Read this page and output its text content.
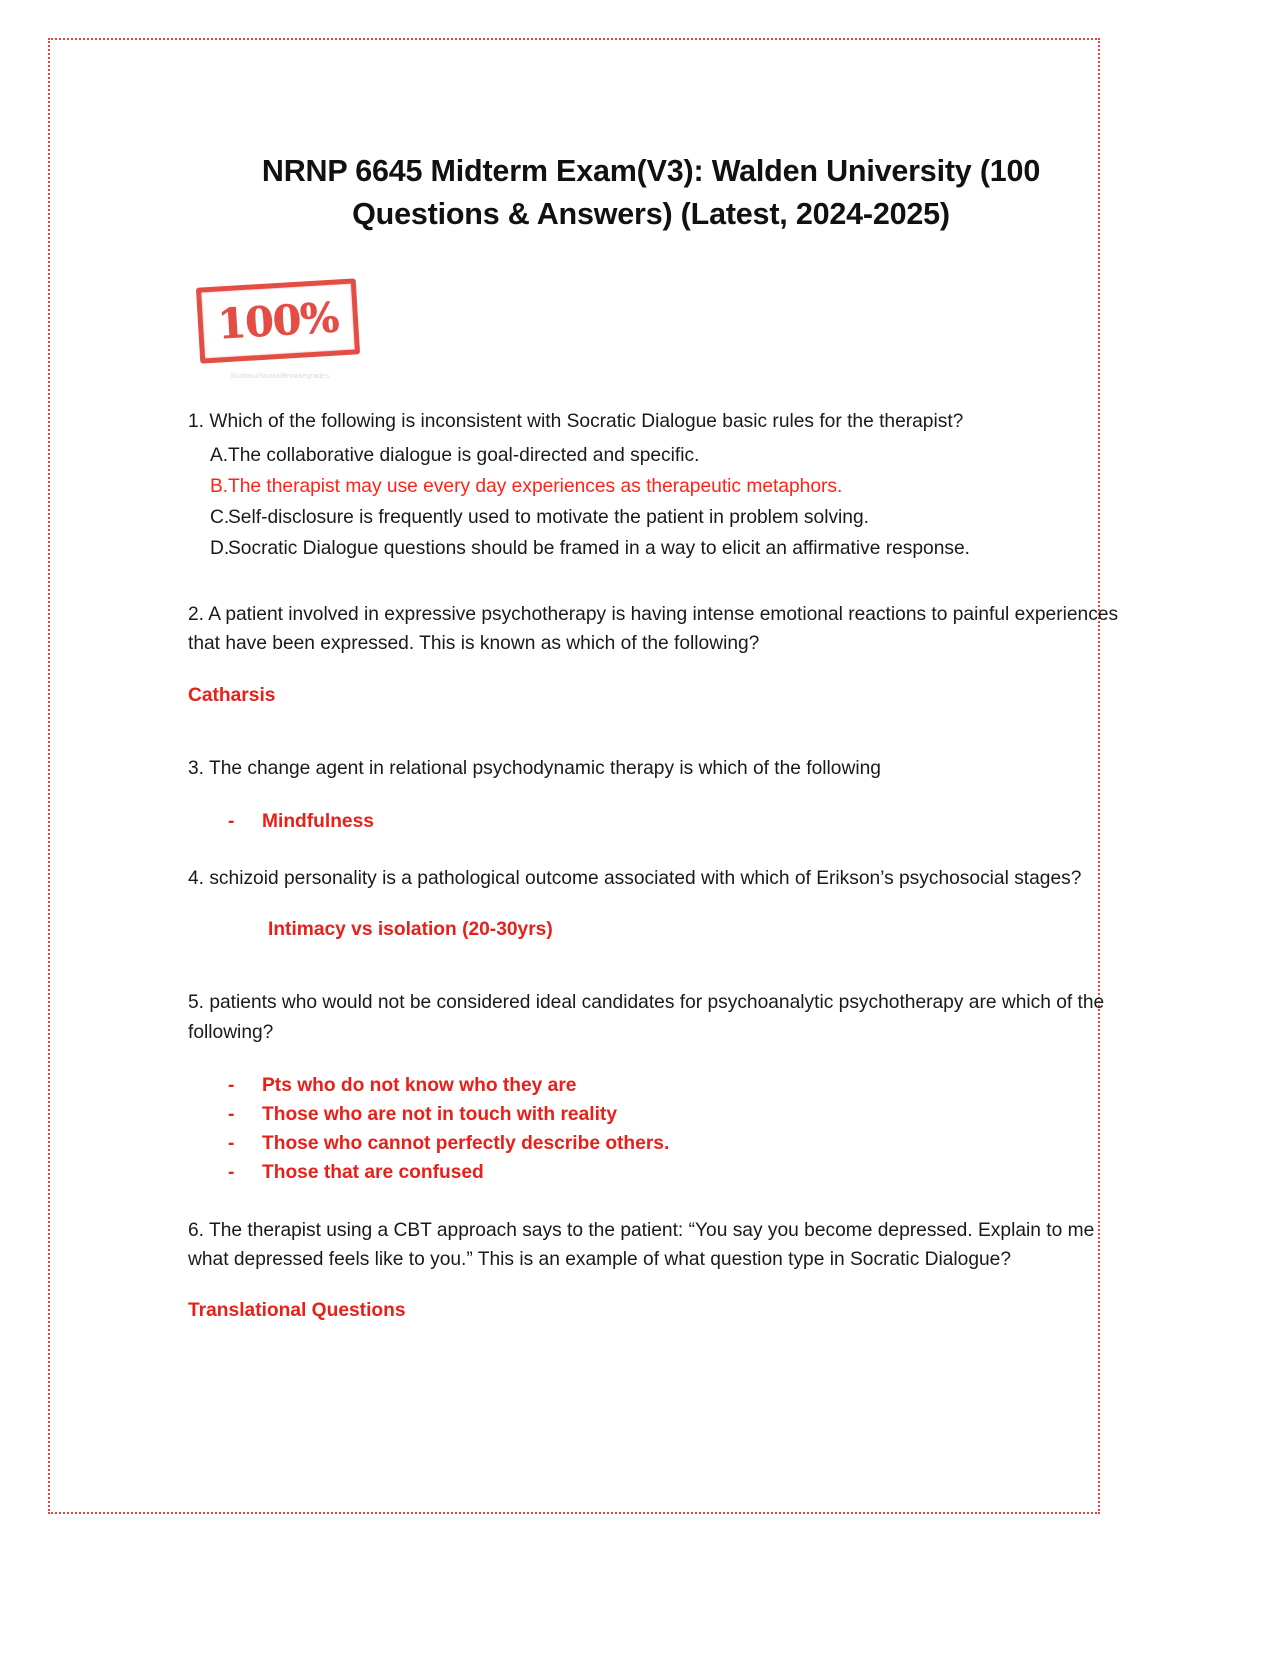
NRNP 6645 Midterm Exam(V3): Walden University (100 Questions & Answers) (Latest, 2024-2025)
100%
Studocu/Stuvia/Browsegrades

1. Which of the following is inconsistent with Socratic Dialogue basic rules for the therapist?

A. The collaborative dialogue is goal-directed and specific.
B. The therapist may use every day experiences as therapeutic metaphors.
C.
Self-disclosure is frequently used to motivate the patient in problem solving.
D.
Socratic Dialogue questions should be framed in a way to elicit an affirmative response.

2. A patient involved in expressive psychotherapy is having intense emotional reactions to painful experiences that have been expressed. This is known as which of the following?

Catharsis

3. The change agent in relational psychodynamic therapy is which of the following

-	Mindfulness

4. schizoid personality is a pathological outcome associated with which of Erikson’s psychosocial stages?

Intimacy vs isolation (20-30yrs)

5. patients who would not be considered ideal candidates for psychoanalytic psychotherapy are which of the following?

-	Pts who do not know who they are
-	Those who are not in touch with reality
-	Those who cannot perfectly describe others.
-	Those that are confused

6. The therapist using a CBT approach says to the patient: “You say you become depressed. Explain to me what depressed feels like to you.” This is an example of what question type in Socratic Dialogue?

Translational Questions
